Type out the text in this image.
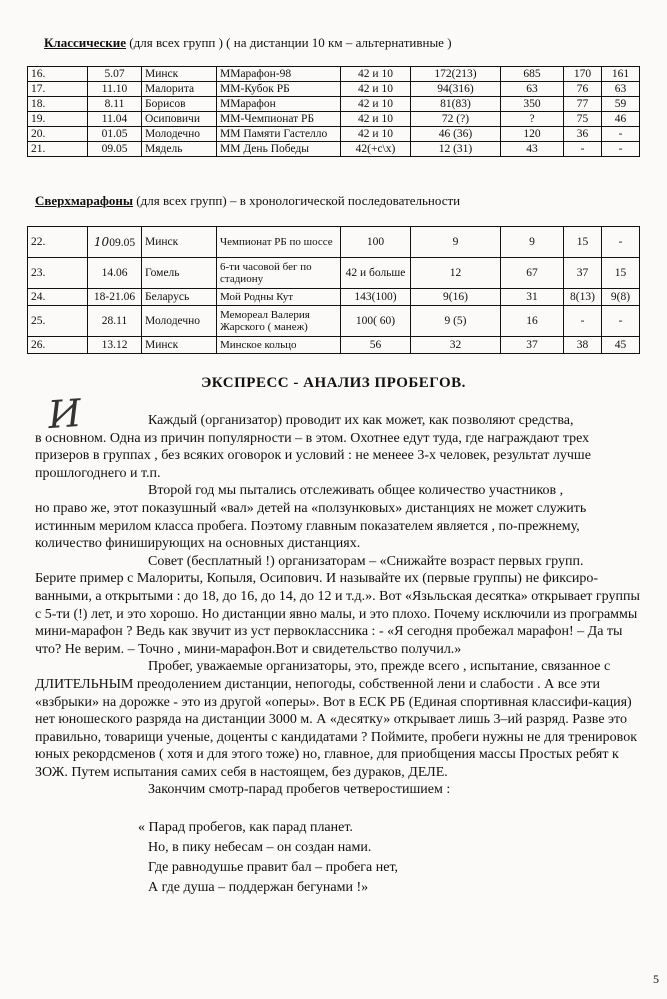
Классические (для всех групп ) ( на дистанции 10 км – альтернативные )
16.	5.07	Минск	ММарафон-98	42 и 10	172(213)	685	170	161
17.	11.10	Малорита	ММ-Кубок РБ	42 и 10	94(316)	63	76	63
18.	8.11	Борисов	ММарафон	42 и 10	81(83)	350	77	59
19.	11.04	Осиповичи	ММ-Чемпионат РБ	42 и 10	72 (?)	?	75	46
20.	01.05	Молодечно	ММ Памяти Гастелло	42 и 10	46 (36)	120	36	-
21.	09.05	Мядель	ММ День Победы	42(+с\х)	12 (31)	43	-	-
Сверхмарафоны (для всех групп) – в хронологической последовательности
22.	1009.05	Минск	Чемпионат РБ по шоссе	100	9	9	15	-
23.	14.06	Гомель	6-ти часовой бег по стадиону	42 и больше	12	67	37	15
24.	18-21.06	Беларусь	Мой Родны Кут	143(100)	9(16)	31	8(13)	9(8)
25.	28.11	Молодечно	Мемореал Валерия Жарского ( манеж)	100( 60)	9 (5)	16	-	-
26.	13.12	Минск	Минское кольцо	56	32	37	38	45
И
ЭКСПРЕСС - АНАЛИЗ ПРОБЕГОВ.

Каждый (организатор) проводит их как может, как позволяют средства,

в основном. Одна из причин популярности – в этом. Охотнее едут туда, где награждают трех призеров в группах , без всяких оговорок и условий : не менеее 3-х человек, результат лучше прошлогоднего и т.п.

Второй год мы пытались отслеживать общее количество участников ,

но право же, этот показушный «вал» детей на «ползунковых» дистанциях не может служить истинным мерилом класса пробега. Поэтому главным показателем является , по-прежнему, количество финиширующих на основных дистанциях.

Совет (бесплатный !) организаторам – «Снижайте возраст первых групп.

Берите пример с Малориты, Копыля, Осипович. И называйте их (первые группы) не фиксиро-ванными, а открытыми : до 18, до 16, до 14, до 12 и т.д.». Вот «Язьльская десятка» открывает группы с 5-ти (!) лет, и это хорошо. Но дистанции явно малы, и это плохо. Почему исключили из программы мини-марафон ? Ведь как звучит из уст первоклассника : - «Я сегодня пробежал марафон! – Да ты что? Не верим. – Точно , мини-марафон.Вот и свидетельство получил.»

Пробег, уважаемые организаторы, это, прежде всего , испытание, связанное с

ДЛИТЕЛЬНЫМ преодолением дистанции, непогоды, собственной лени и слабости . А все эти «взбрыки» на дорожке - это из другой «оперы». Вот в ЕСК РБ (Единая спортивная классифи-кация) нет юношеского разряда на дистанции 3000 м. А «десятку» открывает лишь 3–ий разряд. Разве это правильно, товарищи ученые, доценты с кандидатами ? Поймите, пробеги нужны не для тренировок юных рекордсменов ( хотя и для этого тоже) но, главное, для приобщения массы Простых ребят к ЗОЖ. Путем испытания самих себя в настоящем, без дураков, ДЕЛЕ.

Закончим смотр-парад пробегов четверостишием :

« Парад пробегов, как парад планет.
Но, в пику небесам – он создан нами.
Где равнодушье правит бал – пробега нет,
А где душа – поддержан бегунами !»
5
